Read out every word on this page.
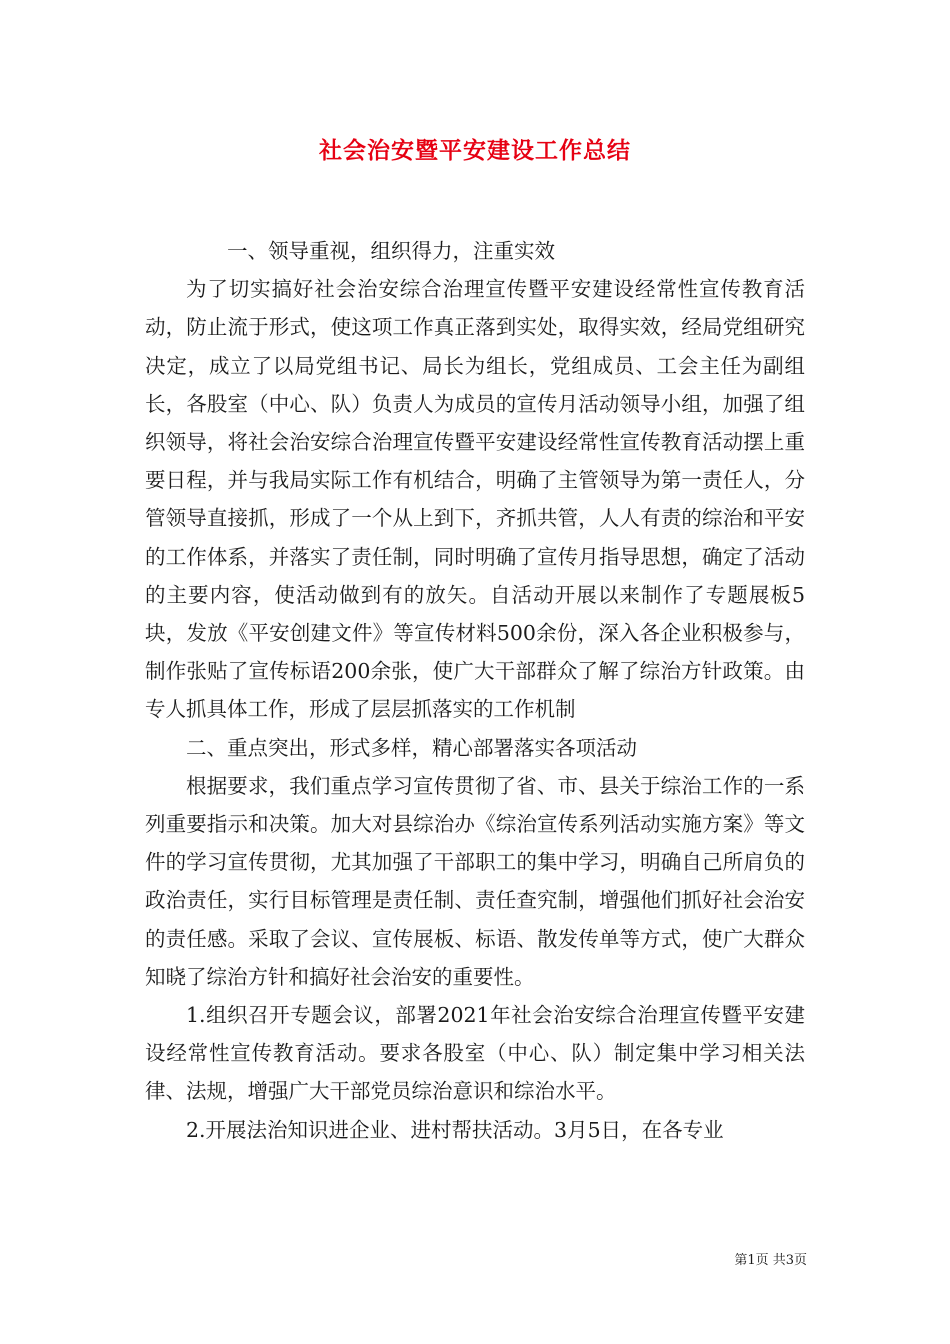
社会治安暨平安建设工作总结

一、领导重视，组织得力，注重实效

为了切实搞好社会治安综合治理宣传暨平安建设经常性宣传教育活动，防止流于形式，使这项工作真正落到实处，取得实效，经局党组研究决定，成立了以局党组书记、局长为组长，党组成员、工会主任为副组长，各股室（中心、队）负责人为成员的宣传月活动领导小组，加强了组织领导，将社会治安综合治理宣传暨平安建设经常性宣传教育活动摆上重要日程，并与我局实际工作有机结合，明确了主管领导为第一责任人，分管领导直接抓，形成了一个从上到下，齐抓共管，人人有责的综治和平安的工作体系，并落实了责任制，同时明确了宣传月指导思想，确定了活动的主要内容，使活动做到有的放矢。自活动开展以来制作了专题展板5块，发放《平安创建文件》等宣传材料500余份，深入各企业积极参与，制作张贴了宣传标语200余张，使广大干部群众了解了综治方针政策。由专人抓具体工作，形成了层层抓落实的工作机制

二、重点突出，形式多样，精心部署落实各项活动

根据要求，我们重点学习宣传贯彻了省、市、县关于综治工作的一系列重要指示和决策。加大对县综治办《综治宣传系列活动实施方案》等文件的学习宣传贯彻，尤其加强了干部职工的集中学习，明确自己所肩负的政治责任，实行目标管理是责任制、责任查究制，增强他们抓好社会治安的责任感。采取了会议、宣传展板、标语、散发传单等方式，使广大群众知晓了综治方针和搞好社会治安的重要性。

1.组织召开专题会议，部署2021年社会治安综合治理宣传暨平安建设经常性宣传教育活动。要求各股室（中心、队）制定集中学习相关法律、法规，增强广大干部党员综治意识和综治水平。

2.开展法治知识进企业、进村帮扶活动。3月5日，在各专业

第1页 共3页
